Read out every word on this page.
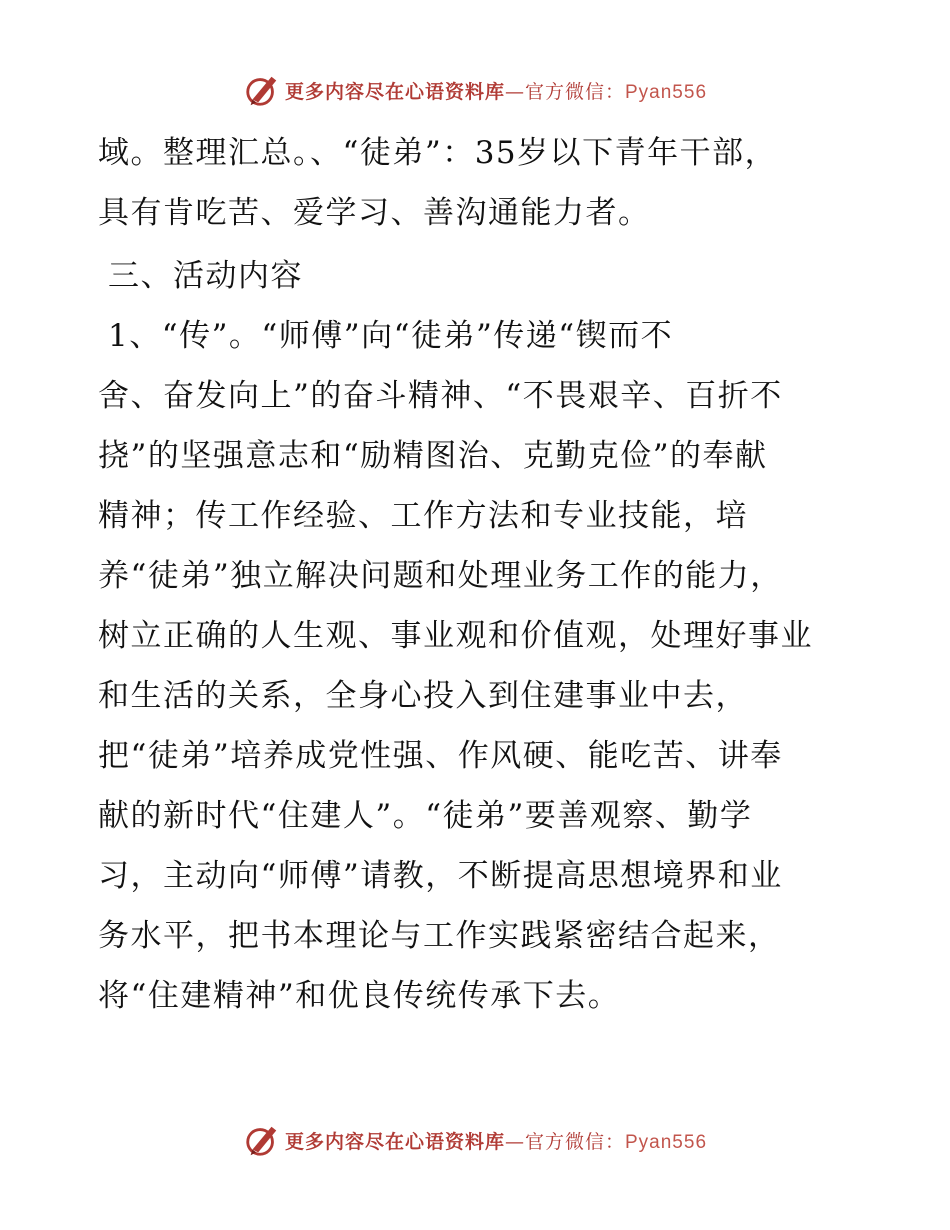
更多内容尽在心语资料库—官方微信：Pyan556
域。整理汇总。、“徒弟”：35岁以下青年干部，
具有肯吃苦、爱学习、善沟通能力者。
三、活动内容
1、“传”。“师傅”向“徒弟”传递“锲而不
舍、奋发向上”的奋斗精神、“不畏艰辛、百折不
挠”的坚强意志和“励精图治、克勤克俭”的奉献
精神；传工作经验、工作方法和专业技能，培
养“徒弟”独立解决问题和处理业务工作的能力，
树立正确的人生观、事业观和价值观，处理好事业
和生活的关系，全身心投入到住建事业中去，
把“徒弟”培养成党性强、作风硬、能吃苦、讲奉
献的新时代“住建人”。“徒弟”要善观察、勤学
习，主动向“师傅”请教，不断提高思想境界和业
务水平，把书本理论与工作实践紧密结合起来，
将“住建精神”和优良传统传承下去。
更多内容尽在心语资料库—官方微信：Pyan556
